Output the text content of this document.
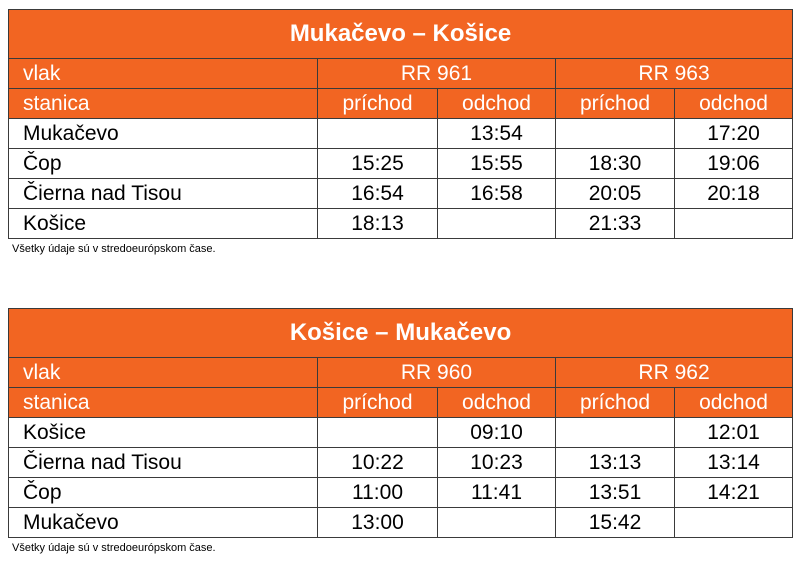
Mukačevo – Košice				
vlak	RR 961		RR 963	
stanica	príchod	odchod	príchod	odchod
Mukačevo		13:54		17:20
Čop	15:25	15:55	18:30	19:06
Čierna nad Tisou	16:54	16:58	20:05	20:18
Košice	18:13		21:33	
Všetky údaje sú v stredoeurópskom čase.
Košice – Mukačevo				
vlak	RR 960		RR 962	
stanica	príchod	odchod	príchod	odchod
Košice		09:10		12:01
Čierna nad Tisou	10:22	10:23	13:13	13:14
Čop	11:00	11:41	13:51	14:21
Mukačevo	13:00		15:42	
Všetky údaje sú v stredoeurópskom čase.
